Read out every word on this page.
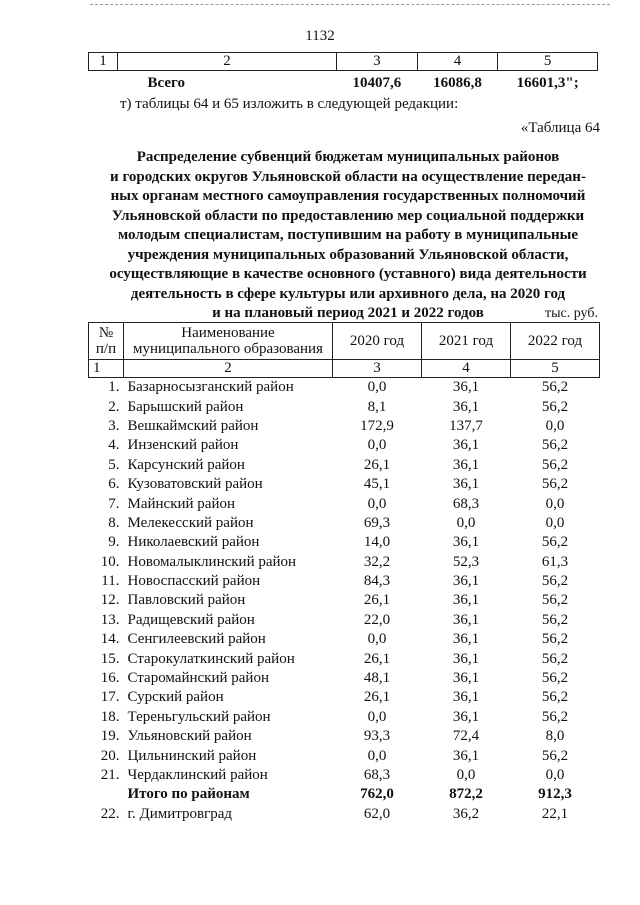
1132
1	2	3	4	5
	Всего	10407,6	16086,8	16601,3";
т) таблицы 64 и 65 изложить в следующей редакции:
«Таблица 64
Распределение субвенций бюджетам муниципальных районов
и городских округов Ульяновской области на осуществление передан-
ных органам местного самоуправления государственных полномочий
Ульяновской области по предоставлению мер социальной поддержки
молодым специалистам, поступившим на работу в муниципальные
учреждения муниципальных образований Ульяновской области,
осуществляющие в качестве основного (уставного) вида деятельности
деятельность в сфере культуры или архивного дела, на 2020 год
и на плановый период 2021 и 2022 годов	тыс. руб.
№ п/п	Наименование муниципального образования	2020 год	2021 год	2022 год
1	2	3	4	5
1.	Базарносызганский район	0,0	36,1	56,2
2.	Барышский район	8,1	36,1	56,2
3.	Вешкаймский район	172,9	137,7	0,0
4.	Инзенский район	0,0	36,1	56,2
5.	Карсунский район	26,1	36,1	56,2
6.	Кузоватовский район	45,1	36,1	56,2
7.	Майнский район	0,0	68,3	0,0
8.	Мелекесский район	69,3	0,0	0,0
9.	Николаевский район	14,0	36,1	56,2
10.	Новомалыклинский район	32,2	52,3	61,3
11.	Новоспасский район	84,3	36,1	56,2
12.	Павловский район	26,1	36,1	56,2
13.	Радищевский район	22,0	36,1	56,2
14.	Сенгилеевский район	0,0	36,1	56,2
15.	Старокулаткинский район	26,1	36,1	56,2
16.	Старомайнский район	48,1	36,1	56,2
17.	Сурский район	26,1	36,1	56,2
18.	Тереньгульский район	0,0	36,1	56,2
19.	Ульяновский район	93,3	72,4	8,0
20.	Цильнинский район	0,0	36,1	56,2
21.	Чердаклинский район	68,3	0,0	0,0
	Итого по районам	762,0	872,2	912,3
22.	г. Димитровград	62,0	36,2	22,1
